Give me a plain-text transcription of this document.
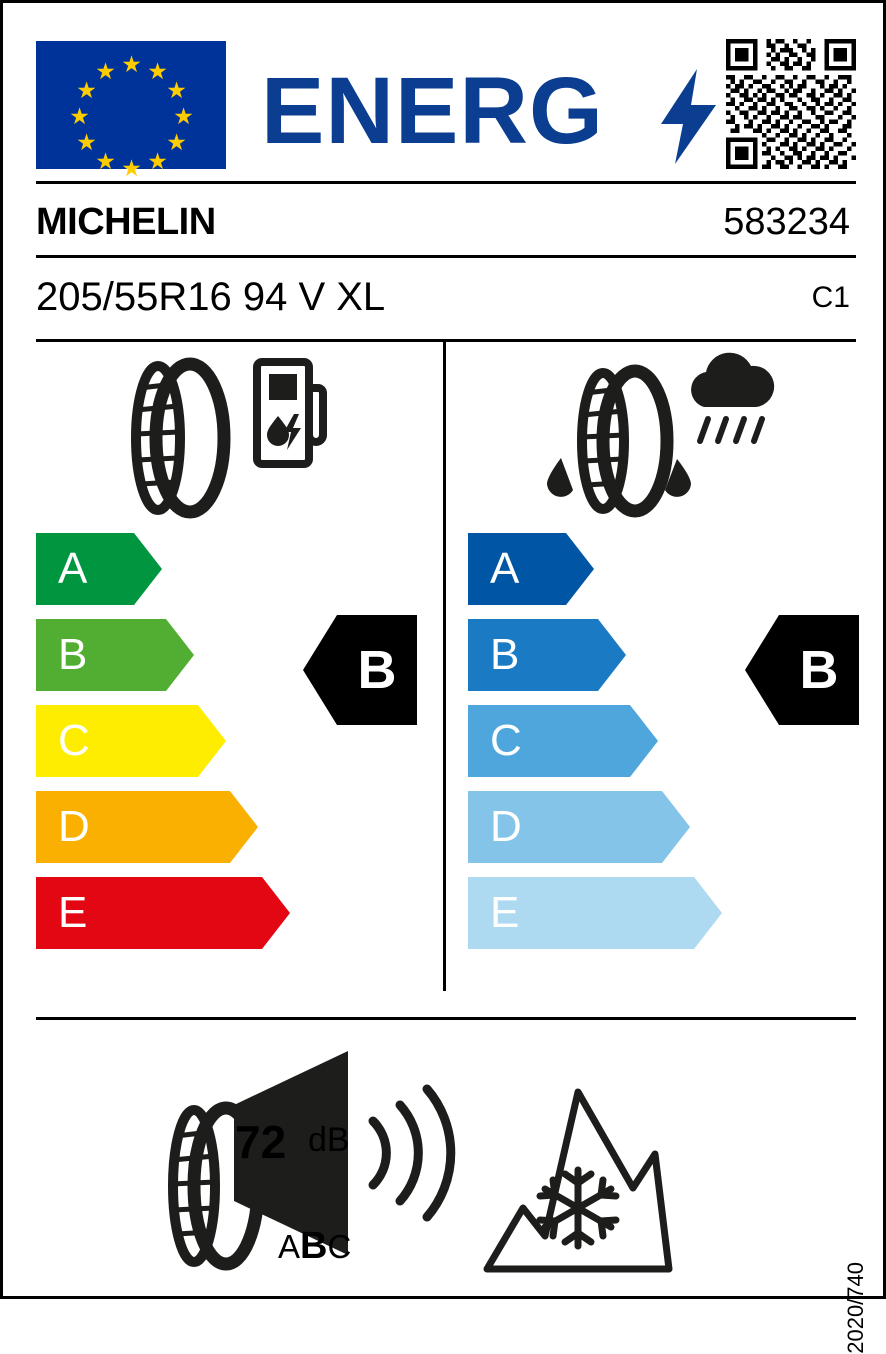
★ ★
★
★
★
★
★
★
★
★
★
★ ENERG
MICHELIN	583234
205/55R16 94 V XL	C1
A
B
C
D
E
B
A
B
C
D
E
B
72 dB
ABC
2020/740
